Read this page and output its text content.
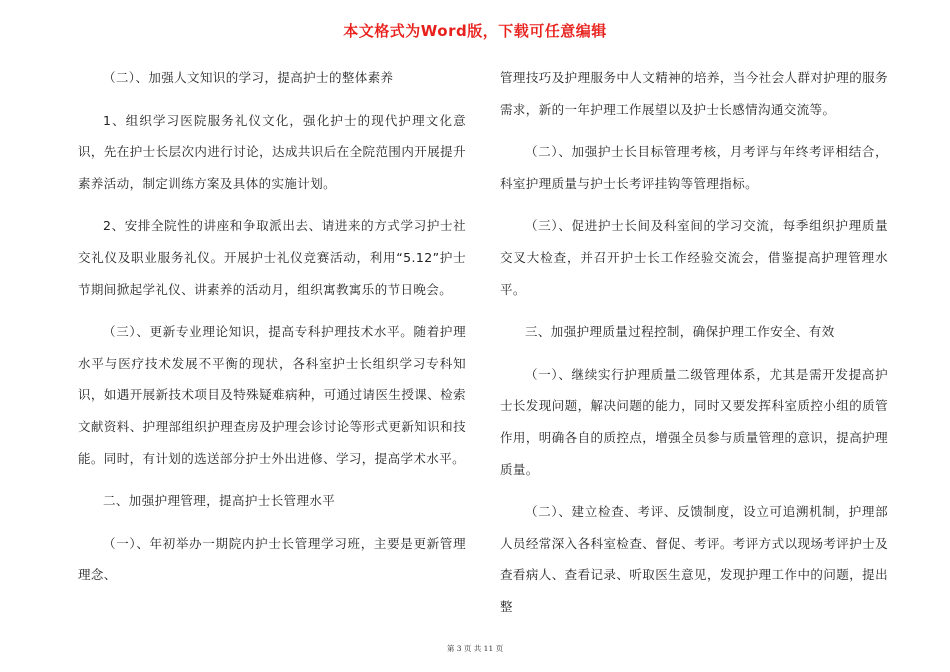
本文格式为Word版，下载可任意编辑

（二）、加强人文知识的学习，提高护士的整体素养

1、组织学习医院服务礼仪文化，强化护士的现代护理文化意识，先在护士长层次内进行讨论，达成共识后在全院范围内开展提升素养活动，制定训练方案及具体的实施计划。

2、安排全院性的讲座和争取派出去、请进来的方式学习护士社交礼仪及职业服务礼仪。开展护士礼仪竞赛活动，利用“5.12”护士节期间掀起学礼仪、讲素养的活动月，组织寓教寓乐的节日晚会。

（三）、更新专业理论知识，提高专科护理技术水平。随着护理水平与医疗技术发展不平衡的现状，各科室护士长组织学习专科知识，如遇开展新技术项目及特殊疑难病种，可通过请医生授课、检索文献资料、护理部组织护理查房及护理会诊讨论等形式更新知识和技能。同时，有计划的选送部分护士外出进修、学习，提高学术水平。

二、加强护理管理，提高护士长管理水平

（一）、年初举办一期院内护士长管理学习班，主要是更新管理理念、

管理技巧及护理服务中人文精神的培养，当今社会人群对护理的服务需求，新的一年护理工作展望以及护士长感情沟通交流等。

（二）、加强护士长目标管理考核，月考评与年终考评相结合，科室护理质量与护士长考评挂钩等管理指标。

（三）、促进护士长间及科室间的学习交流，每季组织护理质量交叉大检查，并召开护士长工作经验交流会，借鉴提高护理管理水平。

三、加强护理质量过程控制，确保护理工作安全、有效

（一）、继续实行护理质量二级管理体系，尤其是需开发提高护士长发现问题，解决问题的能力，同时又要发挥科室质控小组的质管作用，明确各自的质控点，增强全员参与质量管理的意识，提高护理质量。

（二）、建立检查、考评、反馈制度，设立可追溯机制，护理部人员经常深入各科室检查、督促、考评。考评方式以现场考评护士及查看病人、查看记录、听取医生意见，发现护理工作中的问题，提出整

第 3 页 共 11 页
